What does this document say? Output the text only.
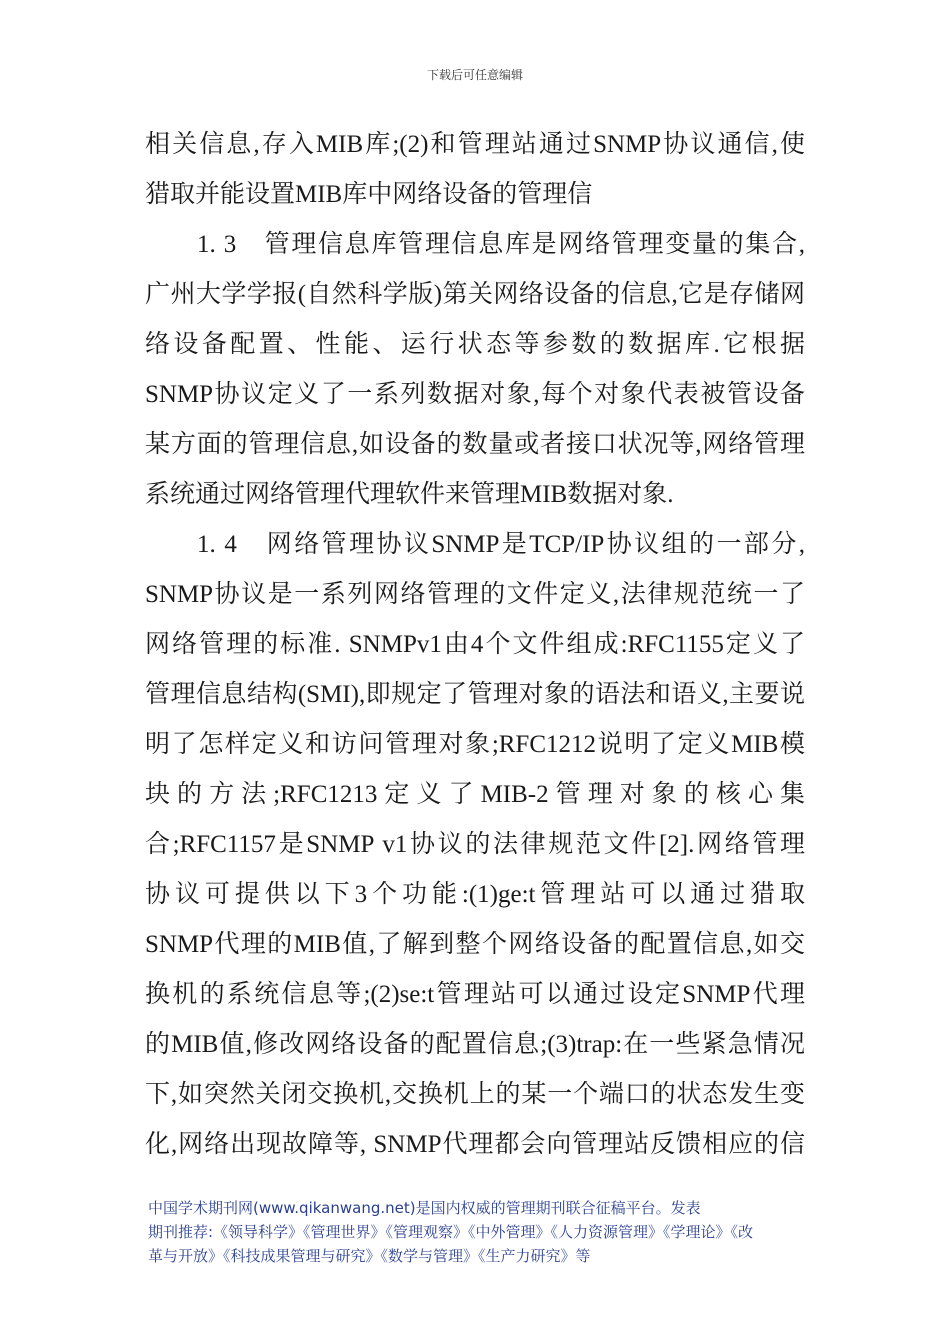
下载后可任意编辑
相关信息,存入MIB库;(2)和管理站通过SNMP协议通信,使
猎取并能设置MIB库中网络设备的管理信
1. 3　管理信息库管理信息库是网络管理变量的集合,
广州大学学报(自然科学版)第关网络设备的信息,它是存储网
络设备配置、性能、运行状态等参数的数据库.它根据
SNMP协议定义了一系列数据对象,每个对象代表被管设备
某方面的管理信息,如设备的数量或者接口状况等,网络管理
系统通过网络管理代理软件来管理MIB数据对象.
1. 4　网络管理协议SNMP是TCP/IP协议组的一部分,
SNMP协议是一系列网络管理的文件定义,法律规范统一了
网络管理的标准. SNMPv1由4个文件组成:RFC1155定义了
管理信息结构(SMI),即规定了管理对象的语法和语义,主要说
明了怎样定义和访问管理对象;RFC1212说明了定义MIB模
块的方法;RFC1213定义了MIB-2管理对象的核心集
合;RFC1157是SNMP v1协议的法律规范文件[2].网络管理
协议可提供以下3个功能:(1)ge:t管理站可以通过猎取
SNMP代理的MIB值,了解到整个网络设备的配置信息,如交
换机的系统信息等;(2)se:t管理站可以通过设定SNMP代理
的MIB值,修改网络设备的配置信息;(3)trap:在一些紧急情况
下,如突然关闭交换机,交换机上的某一个端口的状态发生变
化,网络出现故障等, SNMP代理都会向管理站反馈相应的信
中国学术期刊网(www.qikanwang.net)是国内权威的管理期刊联合征稿平台。发表
期刊推荐:《领导科学》《管理世界》《管理观察》《中外管理》《人力资源管理》《学理论》《改
革与开放》《科技成果管理与研究》《数学与管理》《生产力研究》等
